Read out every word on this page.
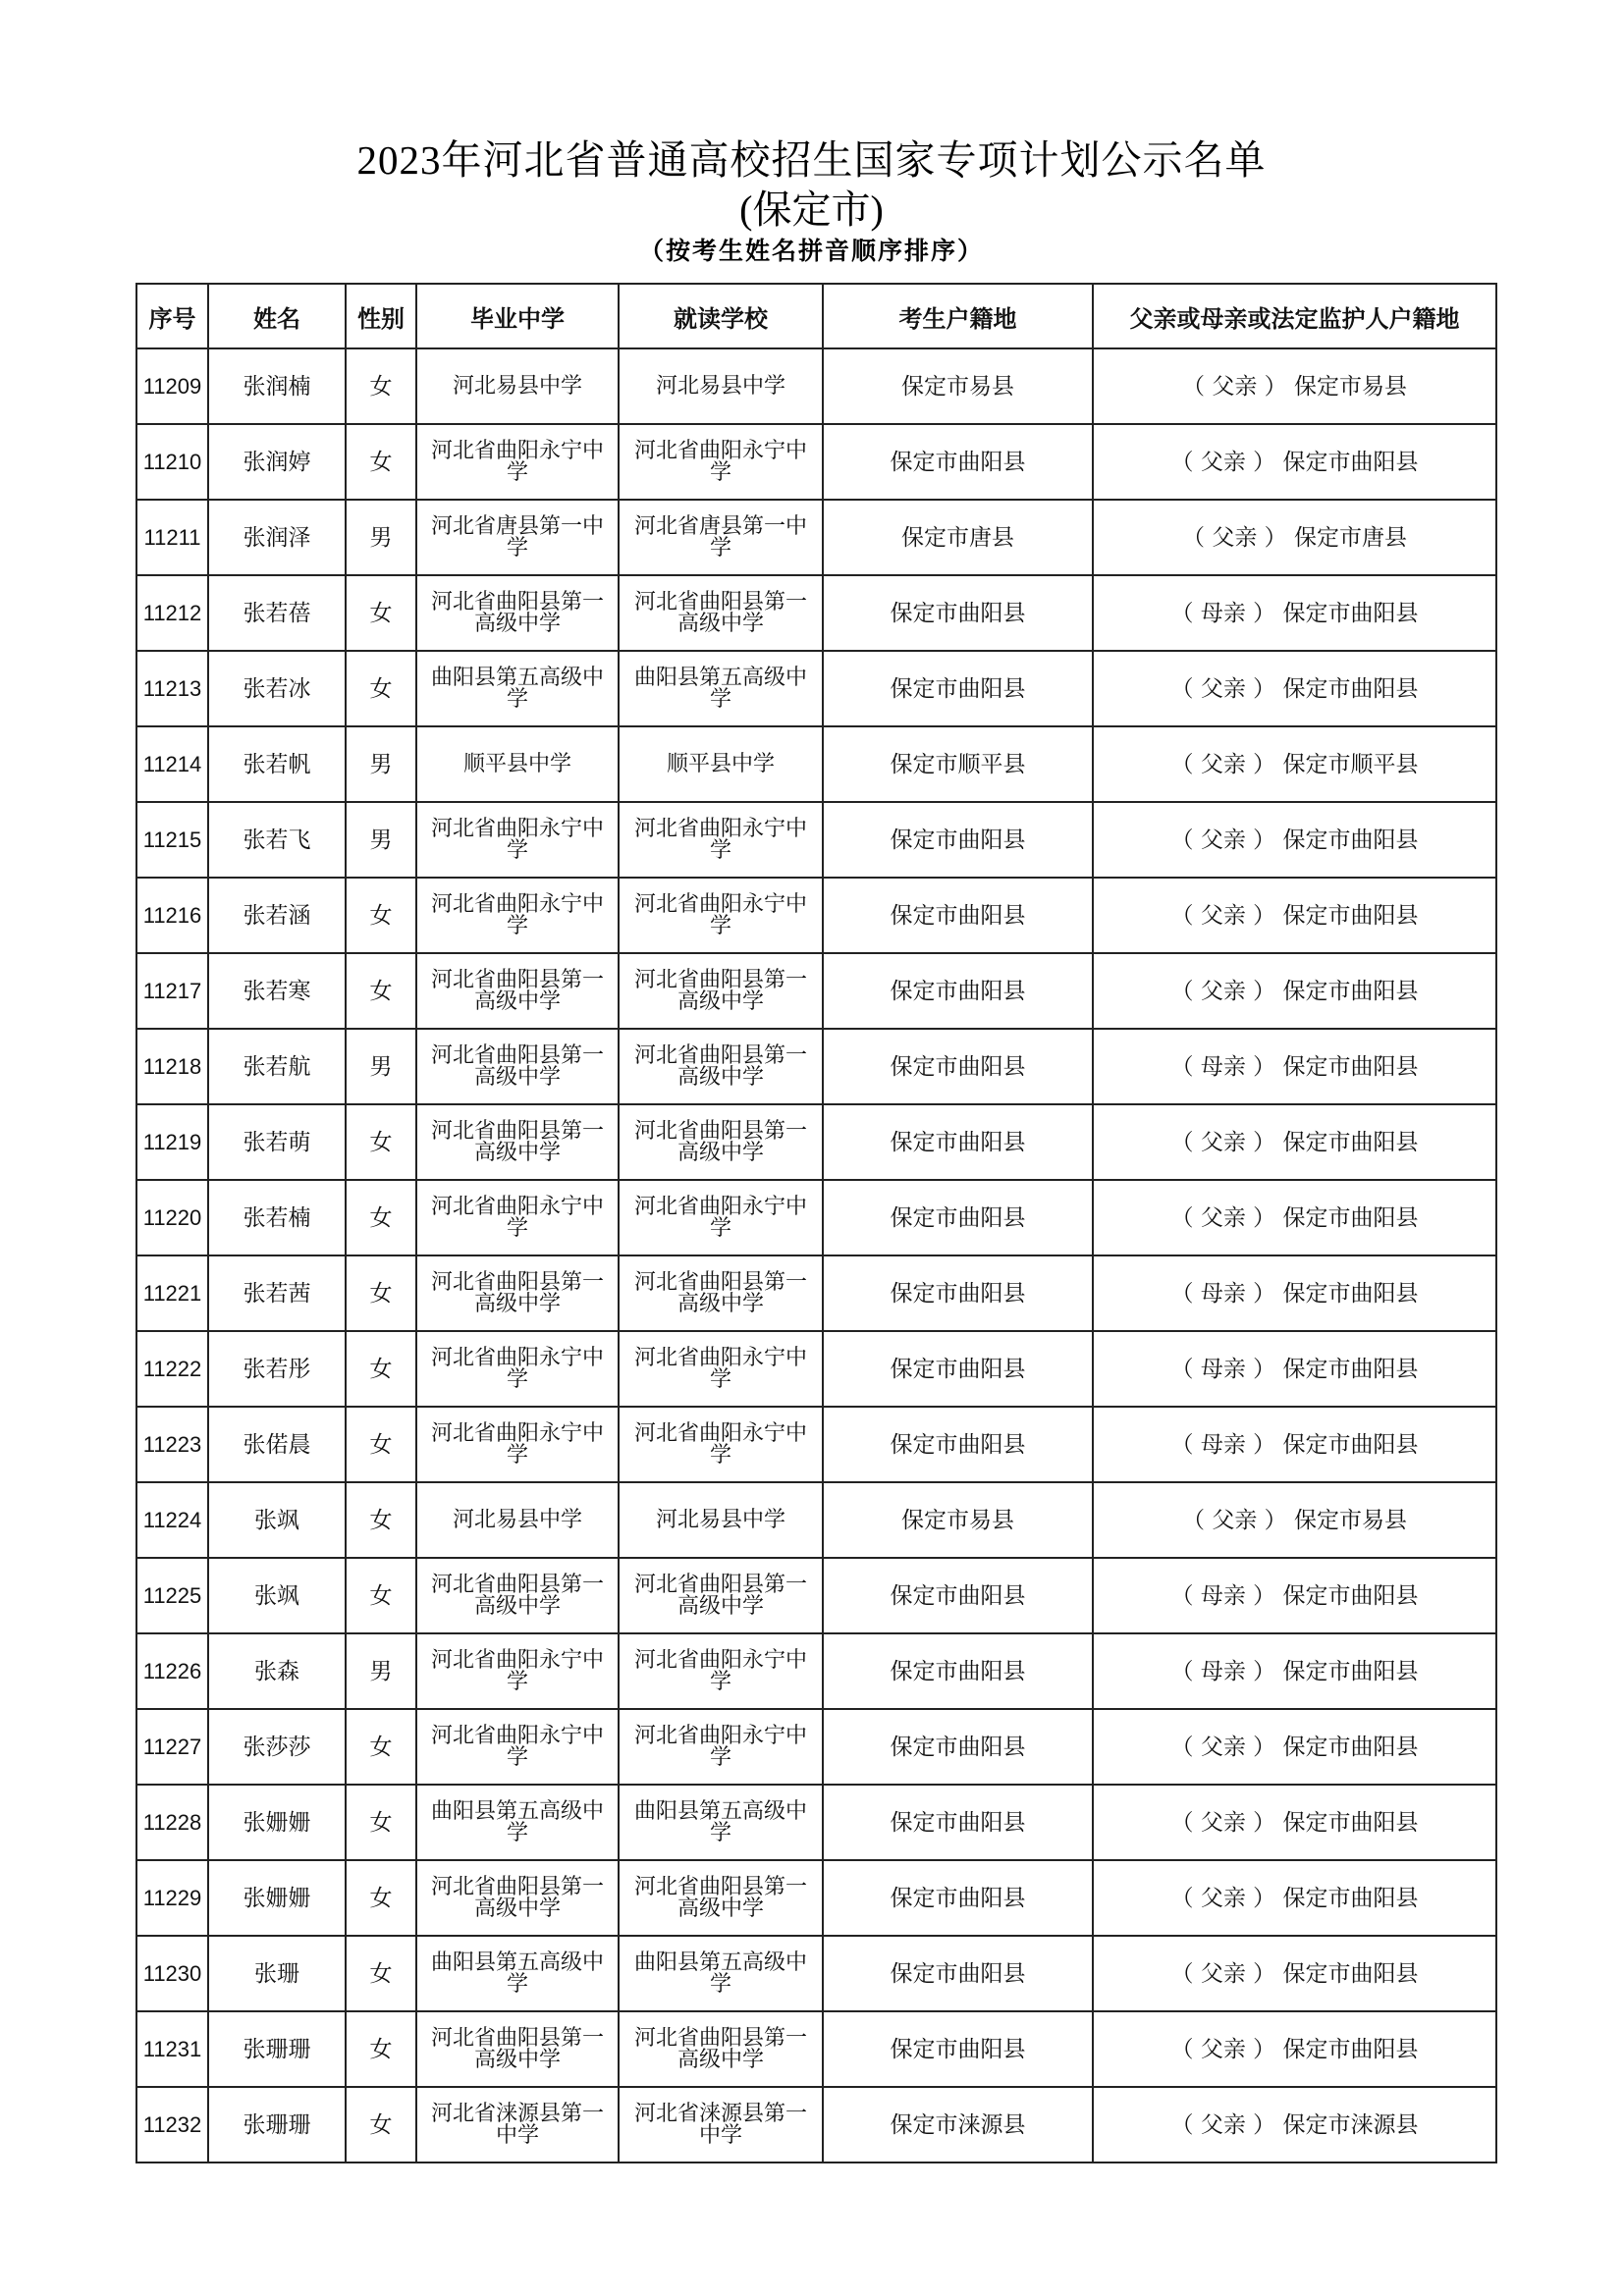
2023年河北省普通高校招生国家专项计划公示名单
(保定市)
（按考生姓名拼音顺序排序）
序号	姓名	性别	毕业中学	就读学校	考生户籍地	父亲或母亲或法定监护人户籍地
11209	张润楠	女	河北易县中学	河北易县中学	保定市易县	（ 父亲 ） 保定市易县
11210	张润婷	女	河北省曲阳永宁中学	河北省曲阳永宁中学	保定市曲阳县	（ 父亲 ） 保定市曲阳县
11211	张润泽	男	河北省唐县第一中学	河北省唐县第一中学	保定市唐县	（ 父亲 ） 保定市唐县
11212	张若蓓	女	河北省曲阳县第一高级中学	河北省曲阳县第一高级中学	保定市曲阳县	（ 母亲 ） 保定市曲阳县
11213	张若冰	女	曲阳县第五高级中学	曲阳县第五高级中学	保定市曲阳县	（ 父亲 ） 保定市曲阳县
11214	张若帆	男	顺平县中学	顺平县中学	保定市顺平县	（ 父亲 ） 保定市顺平县
11215	张若飞	男	河北省曲阳永宁中学	河北省曲阳永宁中学	保定市曲阳县	（ 父亲 ） 保定市曲阳县
11216	张若涵	女	河北省曲阳永宁中学	河北省曲阳永宁中学	保定市曲阳县	（ 父亲 ） 保定市曲阳县
11217	张若寒	女	河北省曲阳县第一高级中学	河北省曲阳县第一高级中学	保定市曲阳县	（ 父亲 ） 保定市曲阳县
11218	张若航	男	河北省曲阳县第一高级中学	河北省曲阳县第一高级中学	保定市曲阳县	（ 母亲 ） 保定市曲阳县
11219	张若萌	女	河北省曲阳县第一高级中学	河北省曲阳县第一高级中学	保定市曲阳县	（ 父亲 ） 保定市曲阳县
11220	张若楠	女	河北省曲阳永宁中学	河北省曲阳永宁中学	保定市曲阳县	（ 父亲 ） 保定市曲阳县
11221	张若茜	女	河北省曲阳县第一高级中学	河北省曲阳县第一高级中学	保定市曲阳县	（ 母亲 ） 保定市曲阳县
11222	张若彤	女	河北省曲阳永宁中学	河北省曲阳永宁中学	保定市曲阳县	（ 母亲 ） 保定市曲阳县
11223	张偌晨	女	河北省曲阳永宁中学	河北省曲阳永宁中学	保定市曲阳县	（ 母亲 ） 保定市曲阳县
11224	张飒	女	河北易县中学	河北易县中学	保定市易县	（ 父亲 ） 保定市易县
11225	张飒	女	河北省曲阳县第一高级中学	河北省曲阳县第一高级中学	保定市曲阳县	（ 母亲 ） 保定市曲阳县
11226	张森	男	河北省曲阳永宁中学	河北省曲阳永宁中学	保定市曲阳县	（ 母亲 ） 保定市曲阳县
11227	张莎莎	女	河北省曲阳永宁中学	河北省曲阳永宁中学	保定市曲阳县	（ 父亲 ） 保定市曲阳县
11228	张姗姗	女	曲阳县第五高级中学	曲阳县第五高级中学	保定市曲阳县	（ 父亲 ） 保定市曲阳县
11229	张姗姗	女	河北省曲阳县第一高级中学	河北省曲阳县第一高级中学	保定市曲阳县	（ 父亲 ） 保定市曲阳县
11230	张珊	女	曲阳县第五高级中学	曲阳县第五高级中学	保定市曲阳县	（ 父亲 ） 保定市曲阳县
11231	张珊珊	女	河北省曲阳县第一高级中学	河北省曲阳县第一高级中学	保定市曲阳县	（ 父亲 ） 保定市曲阳县
11232	张珊珊	女	河北省涞源县第一中学	河北省涞源县第一中学	保定市涞源县	（ 父亲 ） 保定市涞源县
